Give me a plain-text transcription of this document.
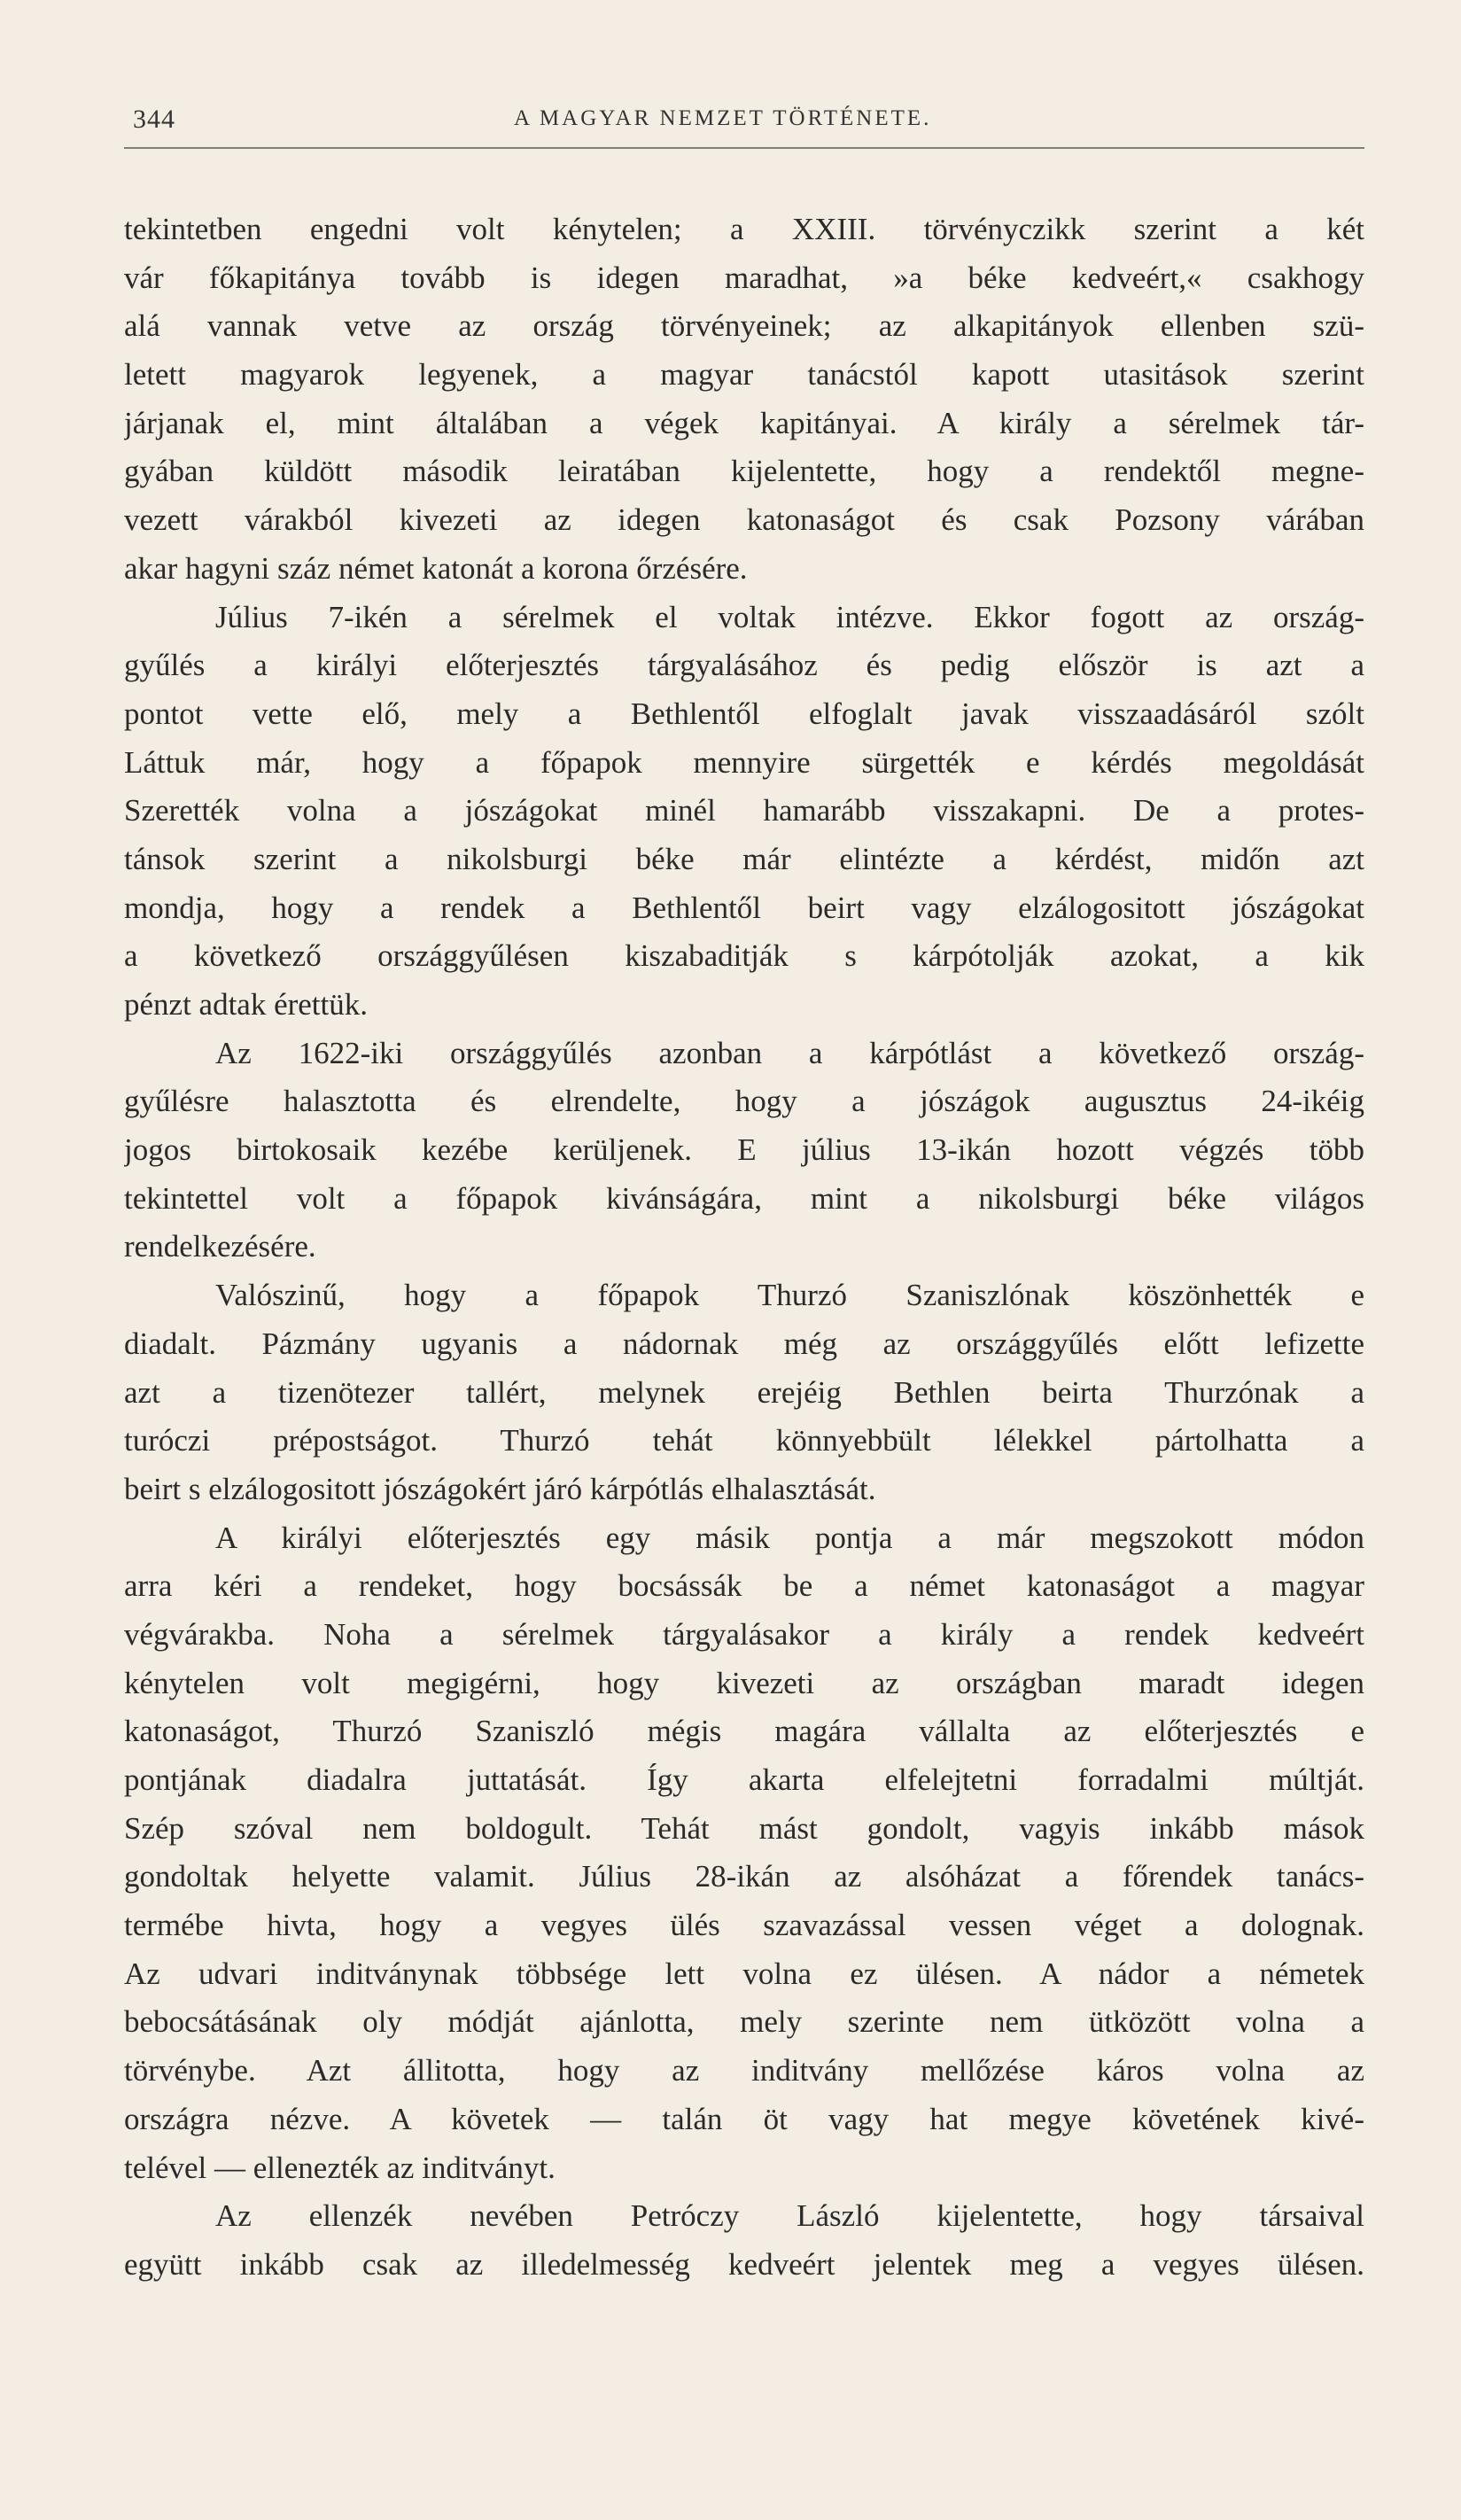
344	A MAGYAR NEMZET TÖRTÉNETE.
tekintetben engedni volt kénytelen; a XXIII. törvényczikk szerint a két
vár főkapitánya tovább is idegen maradhat, »a béke kedveért,« csakhogy
alá vannak vetve az ország törvényeinek; az alkapitányok ellenben szü-
letett magyarok legyenek, a magyar tanácstól kapott utasitások szerint
járjanak el, mint általában a végek kapitányai. A király a sérelmek tár-
gyában küldött második leiratában kijelentette, hogy a rendektől megne-
vezett várakból kivezeti az idegen katonaságot és csak Pozsony várában
akar hagyni száz német katonát a korona őrzésére.
Július 7-ikén a sérelmek el voltak intézve. Ekkor fogott az ország-
gyűlés a királyi előterjesztés tárgyalásához és pedig először is azt a
pontot vette elő, mely a Bethlentől elfoglalt javak visszaadásáról szólt
Láttuk már, hogy a főpapok mennyire sürgették e kérdés megoldását
Szerették volna a jószágokat minél hamarább visszakapni. De a protes-
tánsok szerint a nikolsburgi béke már elintézte a kérdést, midőn azt
mondja, hogy a rendek a Bethlentől beirt vagy elzálogositott jószágokat
a következő országgyűlésen kiszabaditják s kárpótolják azokat, a kik
pénzt adtak érettük.
Az 1622-iki országgyűlés azonban a kárpótlást a következő ország-
gyűlésre halasztotta és elrendelte, hogy a jószágok augusztus 24-ikéig
jogos birtokosaik kezébe kerüljenek. E július 13-ikán hozott végzés több
tekintettel volt a főpapok kivánságára, mint a nikolsburgi béke világos
rendelkezésére.
Valószinű, hogy a főpapok Thurzó Szaniszlónak köszönhették e
diadalt. Pázmány ugyanis a nádornak még az országgyűlés előtt lefizette
azt a tizenötezer tallért, melynek erejéig Bethlen beirta Thurzónak a
turóczi prépostságot. Thurzó tehát könnyebbült lélekkel pártolhatta a
beirt s elzálogositott jószágokért járó kárpótlás elhalasztását.
A királyi előterjesztés egy másik pontja a már megszokott módon
arra kéri a rendeket, hogy bocsássák be a német katonaságot a magyar
végvárakba. Noha a sérelmek tárgyalásakor a király a rendek kedveért
kénytelen volt megigérni, hogy kivezeti az országban maradt idegen
katonaságot, Thurzó Szaniszló mégis magára vállalta az előterjesztés e
pontjának diadalra juttatását. Így akarta elfelejtetni forradalmi múltját.
Szép szóval nem boldogult. Tehát mást gondolt, vagyis inkább mások
gondoltak helyette valamit. Július 28-ikán az alsóházat a főrendek tanács-
termébe hivta, hogy a vegyes ülés szavazással vessen véget a dolognak.
Az udvari inditványnak többsége lett volna ez ülésen. A nádor a németek
bebocsátásának oly módját ajánlotta, mely szerinte nem ütközött volna a
törvénybe. Azt állitotta, hogy az inditvány mellőzése káros volna az
országra nézve. A követek — talán öt vagy hat megye követének kivé-
telével — ellenezték az inditványt.
Az ellenzék nevében Petróczy László kijelentette, hogy társaival
együtt inkább csak az illedelmesség kedveért jelentek meg a vegyes ülésen.
